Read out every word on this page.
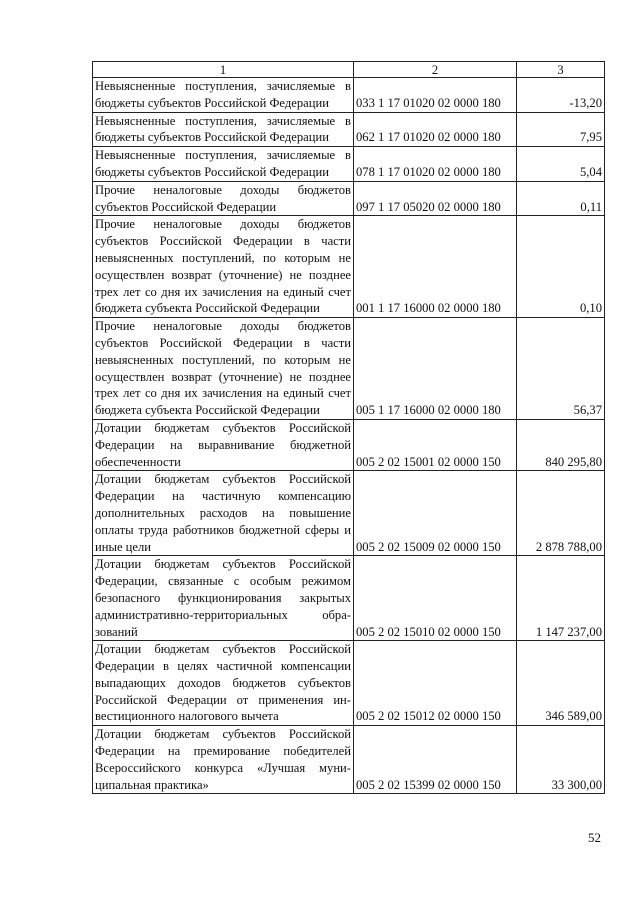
1	2	3
Невыясненные поступления, зачисляемые в бюджеты субъектов Российской Федерации	033 1 17 01020 02 0000 180	-13,20
Невыясненные поступления, зачисляемые в бюджеты субъектов Российской Федерации	062 1 17 01020 02 0000 180	7,95
Невыясненные поступления, зачисляемые в бюджеты субъектов Российской Федерации	078 1 17 01020 02 0000 180	5,04
Прочие неналоговые доходы бюджетов субъектов Российской Федерации	097 1 17 05020 02 0000 180	0,11
Прочие неналоговые доходы бюджетов субъектов Российской Федерации в части невыясненных поступлений, по которым не осуществлен возврат (уточнение) не позднее трех лет со дня их зачисления на единый счет бюджета субъекта Российской Федерации	001 1 17 16000 02 0000 180	0,10
Прочие неналоговые доходы бюджетов субъектов Российской Федерации в части невыясненных поступлений, по которым не осуществлен возврат (уточнение) не позднее трех лет со дня их зачисления на единый счет бюджета субъекта Российской Федерации	005 1 17 16000 02 0000 180	56,37
Дотации бюджетам субъектов Российской Федерации на выравнивание бюджетной обеспеченности	005 2 02 15001 02 0000 150	840 295,80
Дотации бюджетам субъектов Российской Федерации на частичную компенсацию дополнительных расходов на повышение оплаты труда работников бюджетной сферы и иные цели	005 2 02 15009 02 0000 150	2 878 788,00
Дотации бюджетам субъектов Российской Федерации, связанные с особым режимом безопасного функционирования закрытых административно-территориальных образований	005 2 02 15010 02 0000 150	1 147 237,00
Дотации бюджетам субъектов Российской Федерации в целях частичной компенсации выпадающих доходов бюджетов субъектов Российской Федерации от применения инвестиционного налогового вычета	005 2 02 15012 02 0000 150	346 589,00
Дотации бюджетам субъектов Российской Федерации на премирование победителей Всероссийского конкурса «Лучшая муниципальная практика»	005 2 02 15399 02 0000 150	33 300,00
52
